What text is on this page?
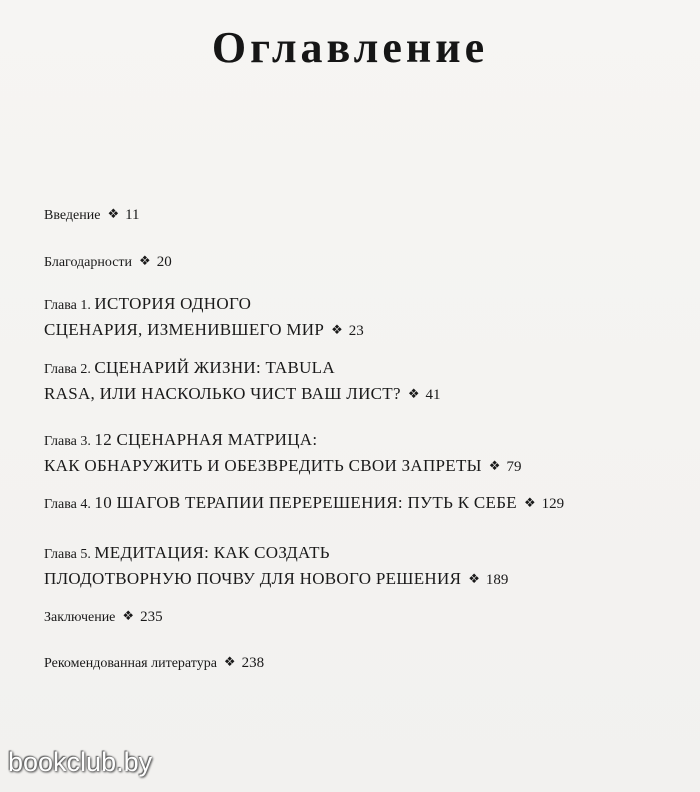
Оглавление
Введение ❖ 11
Благодарности ❖ 20
Глава 1. ИСТОРИЯ ОДНОГО
СЦЕНАРИЯ, ИЗМЕНИВШЕГО МИР ❖ 23
Глава 2. СЦЕНАРИЙ ЖИЗНИ: TABULA
RASA, ИЛИ НАСКОЛЬКО ЧИСТ ВАШ ЛИСТ? ❖ 41
Глава 3. 12 СЦЕНАРНАЯ МАТРИЦА:
КАК ОБНАРУЖИТЬ И ОБЕЗВРЕДИТЬ СВОИ ЗАПРЕТЫ ❖ 79
Глава 4. 10 ШАГОВ ТЕРАПИИ ПЕРЕРЕШЕНИЯ: ПУТЬ К СЕБЕ ❖ 129
Глава 5. МЕДИТАЦИЯ: КАК СОЗДАТЬ
ПЛОДОТВОРНУЮ ПОЧВУ ДЛЯ НОВОГО РЕШЕНИЯ ❖ 189
Заключение ❖ 235
Рекомендованная литература ❖ 238
bookclub.by
